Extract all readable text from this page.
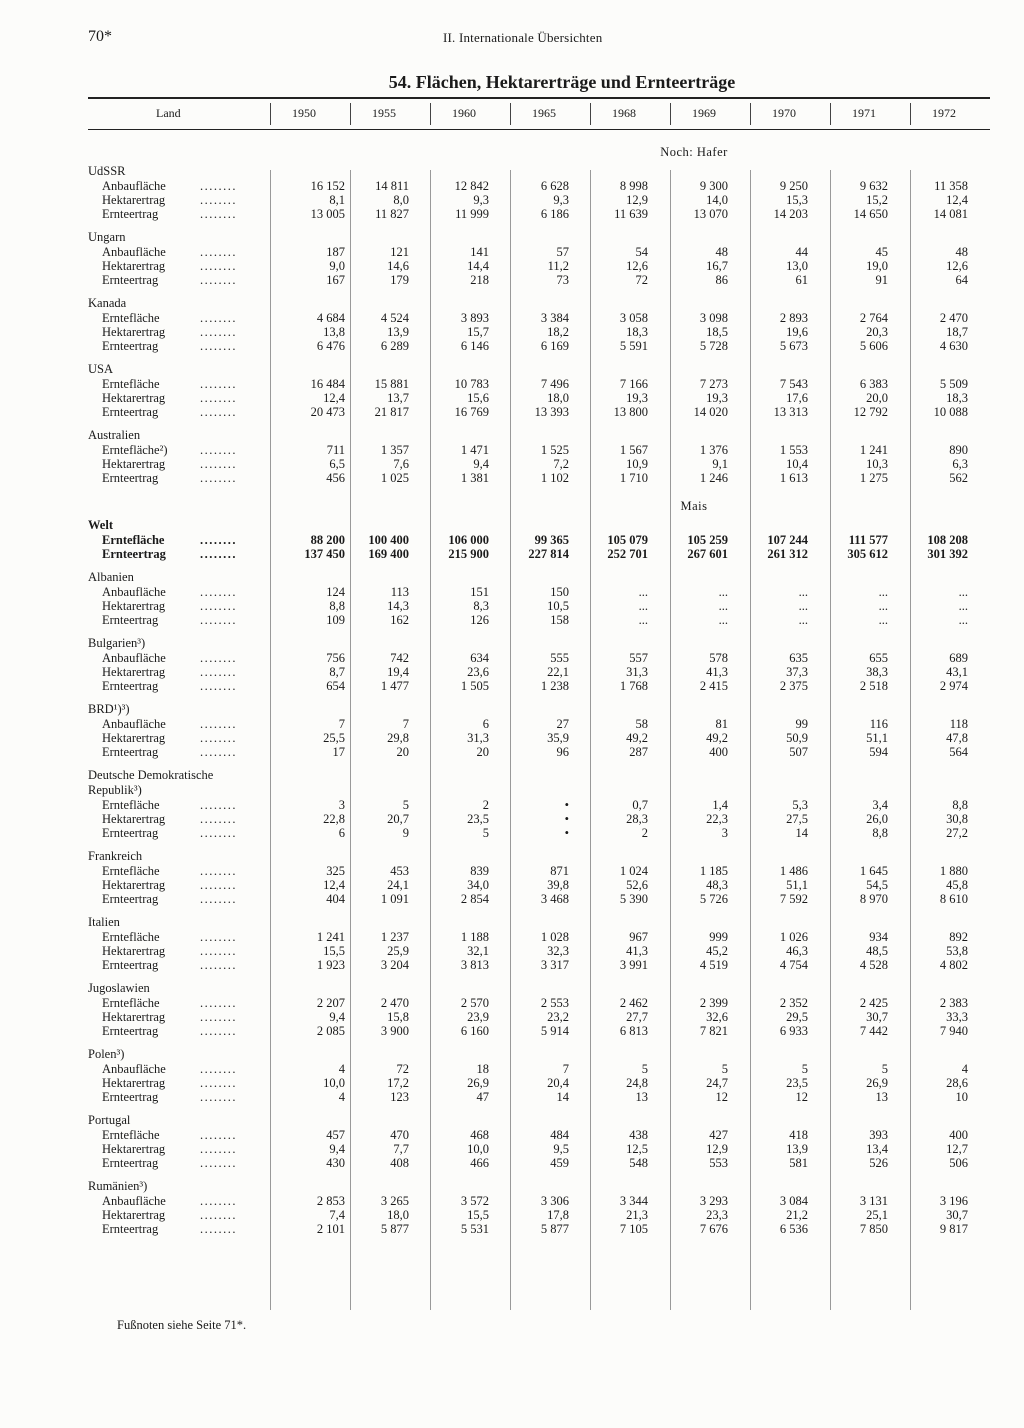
70*	II. Internationale Übersichten
54. Flächen, Hektarerträge und Ernteerträge
Land	1950	1955	1960	1965	1968	1969	1970	1971	1972
Noch: Hafer
UdSSR
Anbaufläche	........	16 152	14 811	12 842	6 628	8 998	9 300	9 250	9 632	11 358
Hektarertrag	........	8,1	8,0	9,3	9,3	12,9	14,0	15,3	15,2	12,4
Ernteertrag	........	13 005	11 827	11 999	6 186	11 639	13 070	14 203	14 650	14 081
Ungarn
Anbaufläche	........	187	121	141	57	54	48	44	45	48
Hektarertrag	........	9,0	14,6	14,4	11,2	12,6	16,7	13,0	19,0	12,6
Ernteertrag	........	167	179	218	73	72	86	61	91	64
Kanada
Erntefläche	........	4 684	4 524	3 893	3 384	3 058	3 098	2 893	2 764	2 470
Hektarertrag	........	13,8	13,9	15,7	18,2	18,3	18,5	19,6	20,3	18,7
Ernteertrag	........	6 476	6 289	6 146	6 169	5 591	5 728	5 673	5 606	4 630
USA
Erntefläche	........	16 484	15 881	10 783	7 496	7 166	7 273	7 543	6 383	5 509
Hektarertrag	........	12,4	13,7	15,6	18,0	19,3	19,3	17,6	20,0	18,3
Ernteertrag	........	20 473	21 817	16 769	13 393	13 800	14 020	13 313	12 792	10 088
Australien
Erntefläche²)	........	711	1 357	1 471	1 525	1 567	1 376	1 553	1 241	890
Hektarertrag	........	6,5	7,6	9,4	7,2	10,9	9,1	10,4	10,3	6,3
Ernteertrag	........	456	1 025	1 381	1 102	1 710	1 246	1 613	1 275	562
Mais
Welt
Erntefläche	........	88 200	100 400	106 000	99 365	105 079	105 259	107 244	111 577	108 208
Ernteertrag	........	137 450	169 400	215 900	227 814	252 701	267 601	261 312	305 612	301 392
Albanien
Anbaufläche	........	124	113	151	150	...	...	...	...	...
Hektarertrag	........	8,8	14,3	8,3	10,5	...	...	...	...	...
Ernteertrag	........	109	162	126	158	...	...	...	...	...
Bulgarien³)
Anbaufläche	........	756	742	634	555	557	578	635	655	689
Hektarertrag	........	8,7	19,4	23,6	22,1	31,3	41,3	37,3	38,3	43,1
Ernteertrag	........	654	1 477	1 505	1 238	1 768	2 415	2 375	2 518	2 974
BRD¹)³)
Anbaufläche	........	7	7	6	27	58	81	99	116	118
Hektarertrag	........	25,5	29,8	31,3	35,9	49,2	49,2	50,9	51,1	47,8
Ernteertrag	........	17	20	20	96	287	400	507	594	564
Deutsche Demokratische
Republik³)
Erntefläche	........	3	5	2	•	0,7	1,4	5,3	3,4	8,8
Hektarertrag	........	22,8	20,7	23,5	•	28,3	22,3	27,5	26,0	30,8
Ernteertrag	........	6	9	5	•	2	3	14	8,8	27,2
Frankreich
Erntefläche	........	325	453	839	871	1 024	1 185	1 486	1 645	1 880
Hektarertrag	........	12,4	24,1	34,0	39,8	52,6	48,3	51,1	54,5	45,8
Ernteertrag	........	404	1 091	2 854	3 468	5 390	5 726	7 592	8 970	8 610
Italien
Erntefläche	........	1 241	1 237	1 188	1 028	967	999	1 026	934	892
Hektarertrag	........	15,5	25,9	32,1	32,3	41,3	45,2	46,3	48,5	53,8
Ernteertrag	........	1 923	3 204	3 813	3 317	3 991	4 519	4 754	4 528	4 802
Jugoslawien
Erntefläche	........	2 207	2 470	2 570	2 553	2 462	2 399	2 352	2 425	2 383
Hektarertrag	........	9,4	15,8	23,9	23,2	27,7	32,6	29,5	30,7	33,3
Ernteertrag	........	2 085	3 900	6 160	5 914	6 813	7 821	6 933	7 442	7 940
Polen³)
Anbaufläche	........	4	72	18	7	5	5	5	5	4
Hektarertrag	........	10,0	17,2	26,9	20,4	24,8	24,7	23,5	26,9	28,6
Ernteertrag	........	4	123	47	14	13	12	12	13	10
Portugal
Erntefläche	........	457	470	468	484	438	427	418	393	400
Hektarertrag	........	9,4	7,7	10,0	9,5	12,5	12,9	13,9	13,4	12,7
Ernteertrag	........	430	408	466	459	548	553	581	526	506
Rumänien³)
Anbaufläche	........	2 853	3 265	3 572	3 306	3 344	3 293	3 084	3 131	3 196
Hektarertrag	........	7,4	18,0	15,5	17,8	21,3	23,3	21,2	25,1	30,7
Ernteertrag	........	2 101	5 877	5 531	5 877	7 105	7 676	6 536	7 850	9 817
Fußnoten siehe Seite 71*.
